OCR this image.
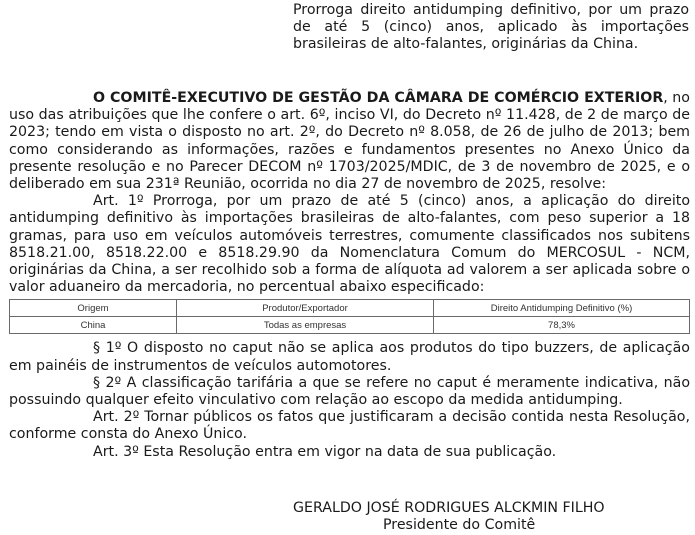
Prorroga direito antidumping definitivo, por um prazo de até 5 (cinco) anos, aplicado às importações brasileiras de alto-falantes, originárias da China.

O COMITÊ-EXECUTIVO DE GESTÃO DA CÂMARA DE COMÉRCIO EXTERIOR, no uso das atribuições que lhe confere o art. 6º, inciso VI, do Decreto nº 11.428, de 2 de março de 2023; tendo em vista o disposto no art. 2º, do Decreto nº 8.058, de 26 de julho de 2013; bem como considerando as informações, razões e fundamentos presentes no Anexo Único da presente resolução e no Parecer DECOM nº 1703/2025/MDIC, de 3 de novembro de 2025, e o deliberado em sua 231ª Reunião, ocorrida no dia 27 de novembro de 2025, resolve:

Art. 1º Prorroga, por um prazo de até 5 (cinco) anos, a aplicação do direito antidumping definitivo às importações brasileiras de alto-falantes, com peso superior a 18 gramas, para uso em veículos automóveis terrestres, comumente classificados nos subitens 8518.21.00, 8518.22.00 e 8518.29.90 da Nomenclatura Comum do MERCOSUL - NCM, originárias da China, a ser recolhido sob a forma de alíquota ad valorem a ser aplicada sobre o valor aduaneiro da mercadoria, no percentual abaixo especificado:

Origem	Produtor/Exportador	Direito Antidumping Definitivo (%)
China	Todas as empresas	78,3%

§ 1º O disposto no caput não se aplica aos produtos do tipo buzzers, de aplicação em painéis de instrumentos de veículos automotores.

§ 2º A classificação tarifária a que se refere no caput é meramente indicativa, não possuindo qualquer efeito vinculativo com relação ao escopo da medida antidumping.

Art. 2º Tornar públicos os fatos que justificaram a decisão contida nesta Resolução, conforme consta do Anexo Único.

Art. 3º Esta Resolução entra em vigor na data de sua publicação.

GERALDO JOSÉ RODRIGUES ALCKMIN FILHO

Presidente do Comitê
